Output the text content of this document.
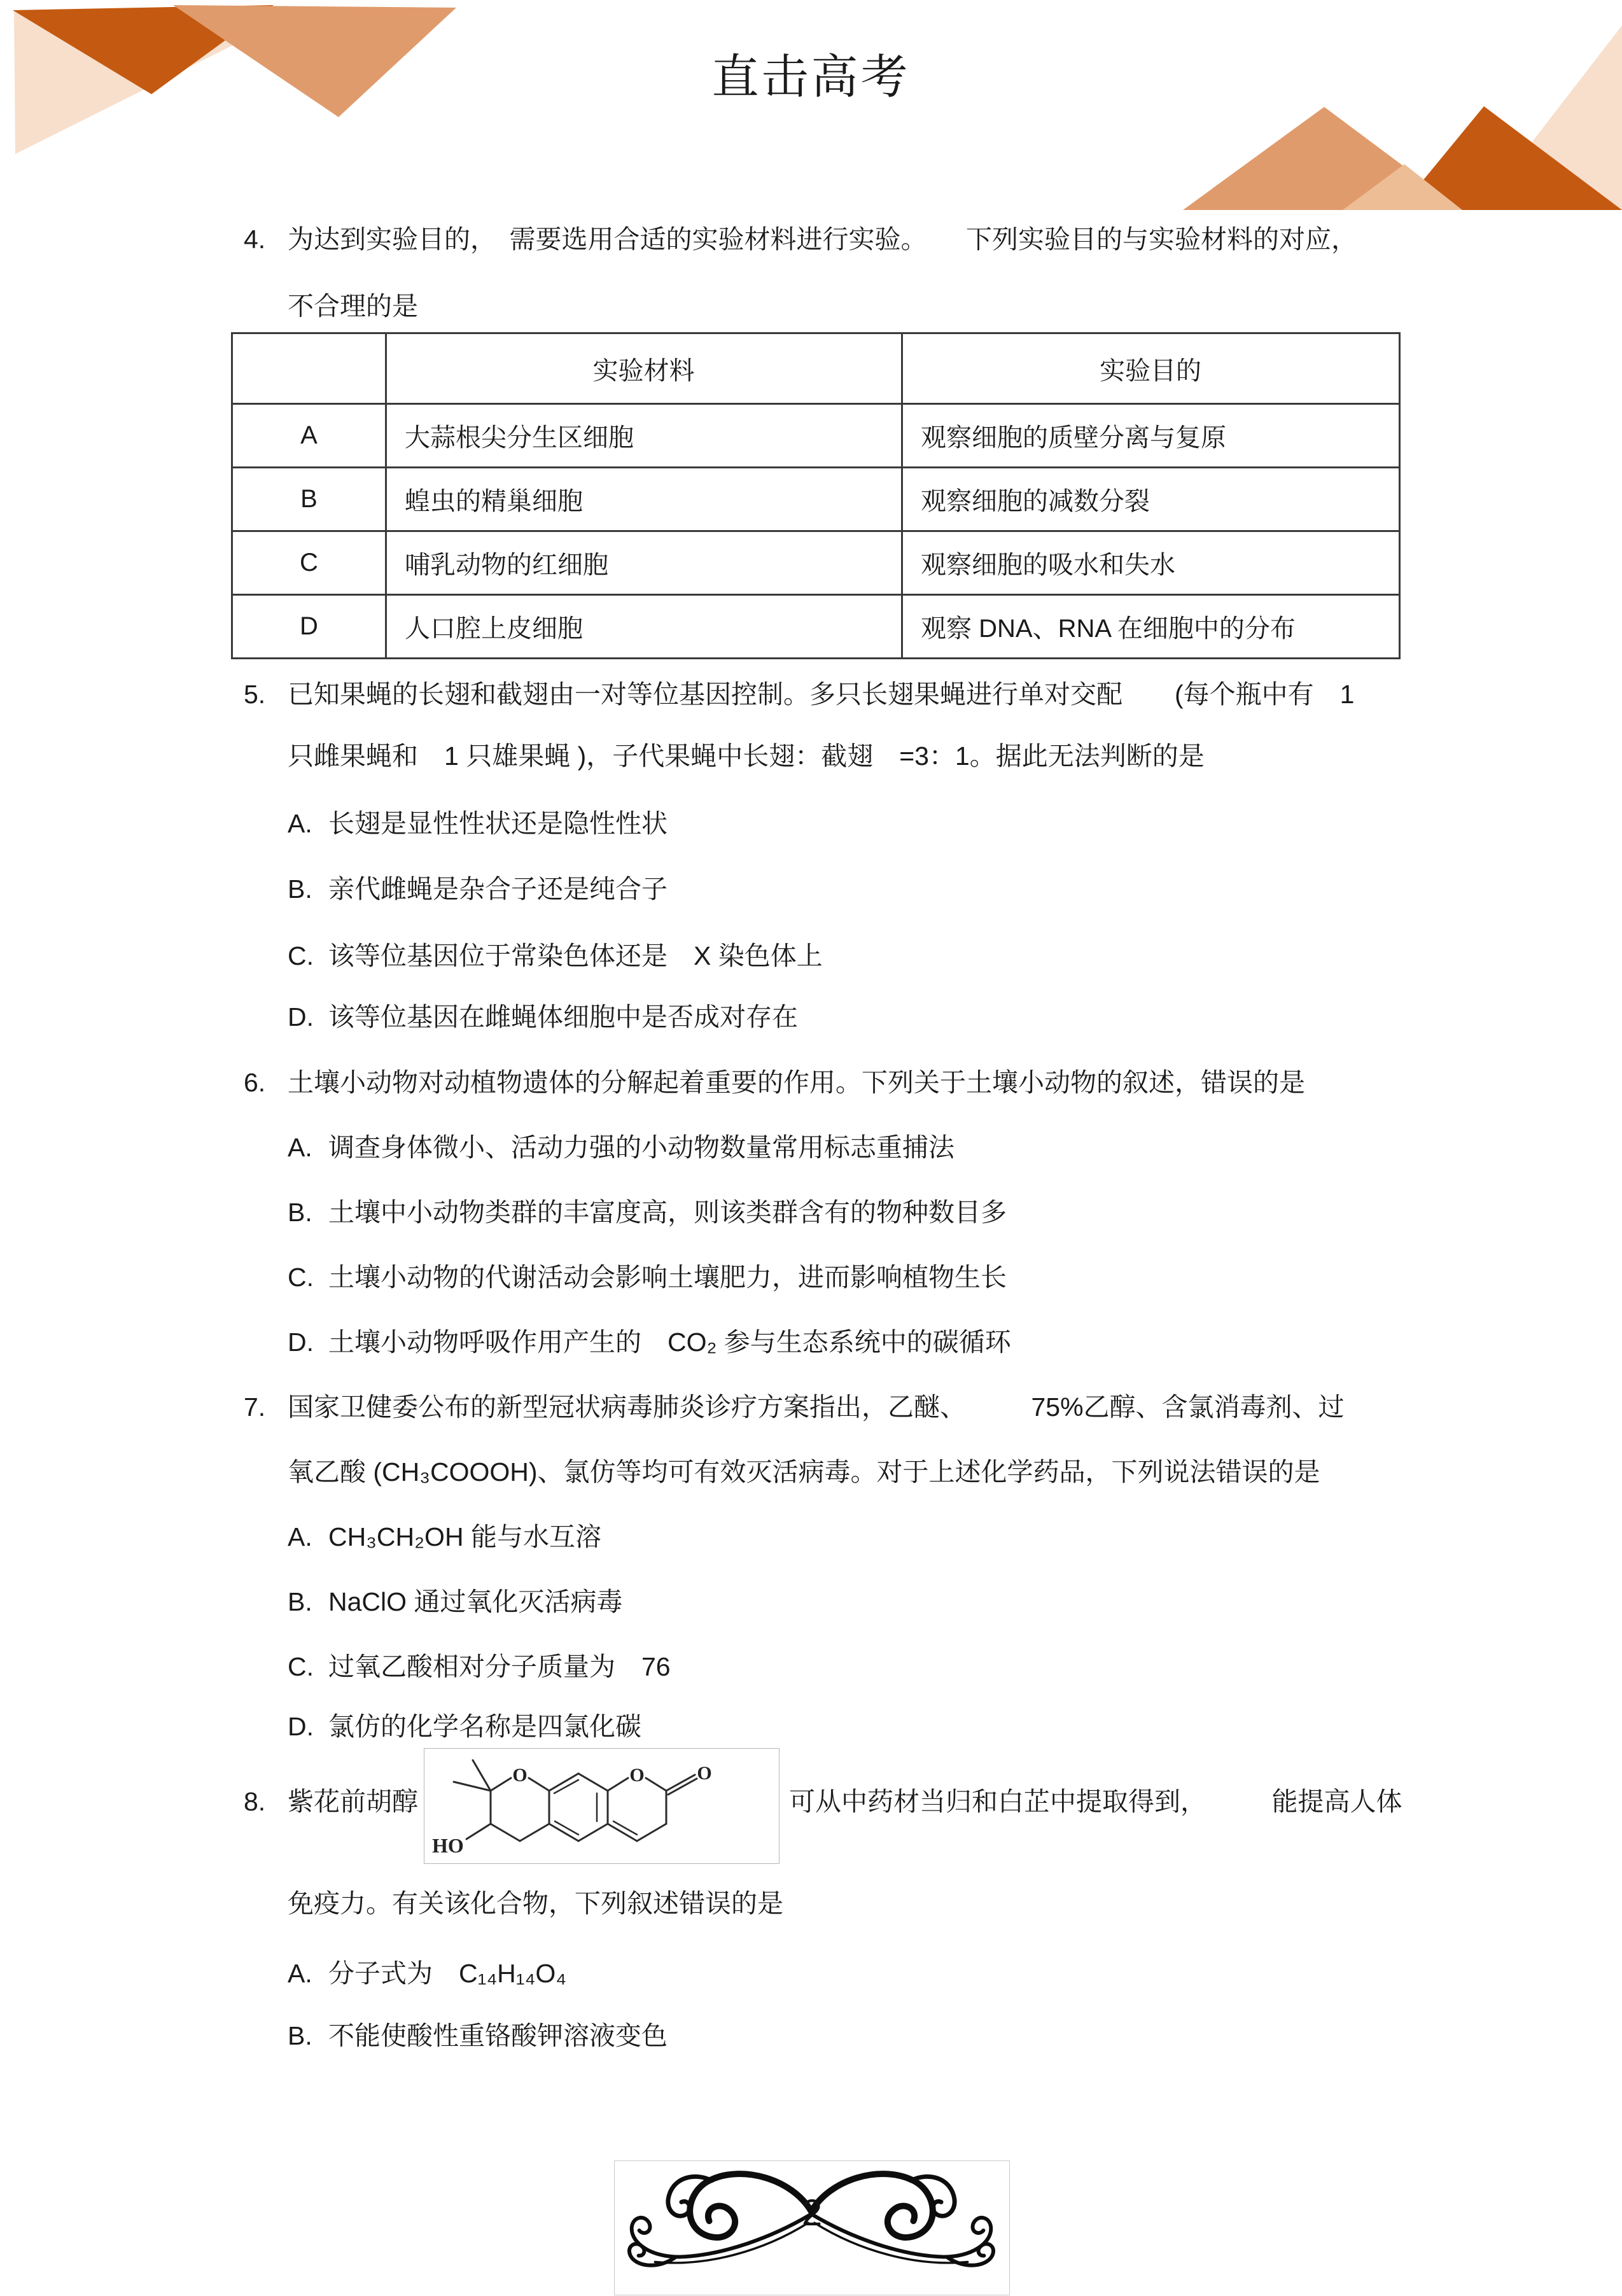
直击高考
4. 为达到实验目的，　需要选用合适的实验材料进行实验。　　下列实验目的与实验材料的对应，
不合理的是
	实验材料	实验目的
A	大蒜根尖分生区细胞	观察细胞的质壁分离与复原
B	蝗虫的精巢细胞	观察细胞的减数分裂
C	哺乳动物的红细胞	观察细胞的吸水和失水
D	人口腔上皮细胞	观察 DNA、RNA 在细胞中的分布
5. 已知果蝇的长翅和截翅由一对等位基因控制。多只长翅果蝇进行单对交配　　(每个瓶中有　1
只雌果蝇和　1 只雄果蝇 )，子代果蝇中长翅：截翅　=3：1。据此无法判断的是
A. 长翅是显性性状还是隐性性状
B. 亲代雌蝇是杂合子还是纯合子
C. 该等位基因位于常染色体还是　X 染色体上
D. 该等位基因在雌蝇体细胞中是否成对存在
6. 土壤小动物对动植物遗体的分解起着重要的作用。下列关于土壤小动物的叙述，错误的是
A. 调查身体微小、活动力强的小动物数量常用标志重捕法
B. 土壤中小动物类群的丰富度高，则该类群含有的物种数目多
C. 土壤小动物的代谢活动会影响土壤肥力，进而影响植物生长
D. 土壤小动物呼吸作用产生的　CO₂ 参与生态系统中的碳循环
7. 国家卫健委公布的新型冠状病毒肺炎诊疗方案指出，乙醚、　　　75%乙醇、含氯消毒剂、过
氧乙酸 (CH₃COOOH)、氯仿等均可有效灭活病毒。对于上述化学药品，下列说法错误的是
A. CH₃CH₂OH 能与水互溶
B. NaClO 通过氧化灭活病毒
C. 过氧乙酸相对分子质量为　76
D. 氯仿的化学名称是四氯化碳
8. 紫花前胡醇
O	O	O
HO
可从中药材当归和白芷中提取得到，　　　能提高人体
免疫力。有关该化合物，下列叙述错误的是
A. 分子式为　C₁₄H₁₄O₄
B. 不能使酸性重铬酸钾溶液变色
2
